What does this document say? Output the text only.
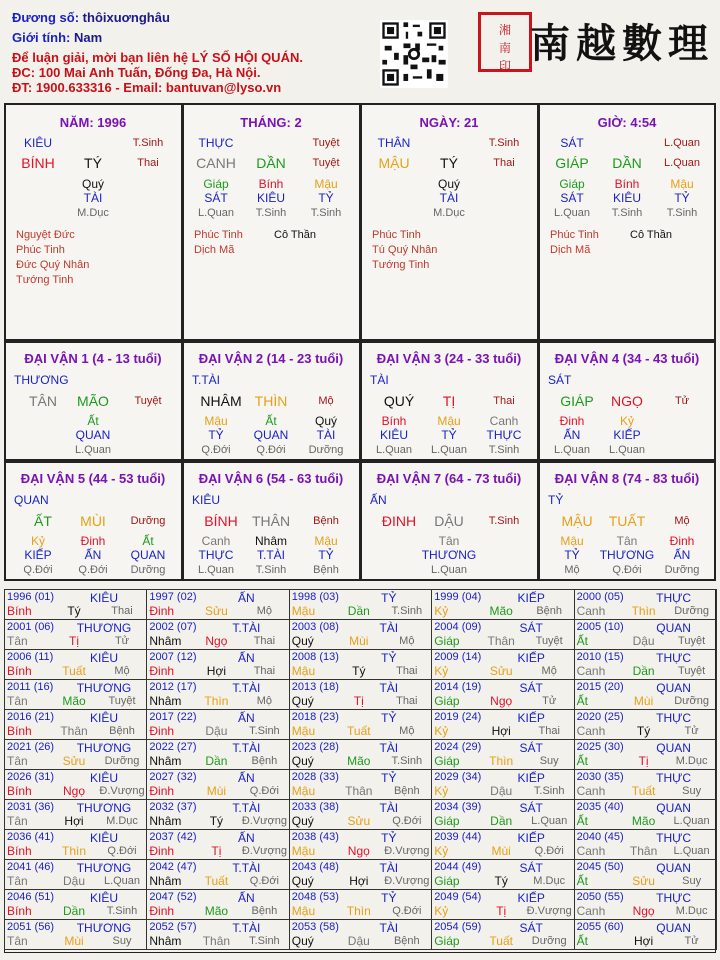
Đương số: thôixuơnghâu
Giới tính: Nam
Để luận giải, mời bạn liên hệ LÝ SỐ HỘI QUÁN.
ĐC: 100 Mai Anh Tuấn, Đống Đa, Hà Nội.
ĐT: 1900.633316 - Email: bantuvan@lyso.vn
湘
南
印 南越數理
NĂM: 1996
KIÊU	T.Sinh
BÍNH TÝ	Thai
Quý
TÀI
M.Dục
Nguyệt Đức
Phúc Tinh
Đức Quý Nhân
Tướng Tinh
THÁNG: 2
THỰC	Tuyệt
CANH DẦN Tuyệt
Giáp
SÁT
L.Quan
Bính
KIÊU
T.Sinh
Mậu
TỶ
T.Sinh
Phúc Tinh
Dịch Mã
Cô Thần
NGÀY: 21
THÂN	T.Sinh
MẬU TÝ	Thai
Quý
TÀI
M.Dục
Phúc Tinh
Tú Quý Nhân
Tướng Tinh
GIỜ: 4:54
SÁT	L.Quan
GIÁP DẦN L.Quan
Giáp
SÁT
L.Quan
Bính
KIÊU
T.Sinh
Mậu
TỶ
T.Sinh
Phúc Tinh
Dịch Mã
Cô Thần
ĐẠI VẬN 1 (4 - 13 tuổi)
THƯƠNG
TÂN MÃO Tuyệt
Ất
QUAN
L.Quan
ĐẠI VẬN 2 (14 - 23 tuổi)
T.TÀI
NHÂM THÌN	Mộ
Mậu
TỶ
Q.Đới
Ất
QUAN
Q.Đới
Quý
TÀI
Dưỡng
ĐẠI VẬN 3 (24 - 33 tuổi)
TÀI
QUÝ TỊ	Thai
Bính
KIÊU
L.Quan
Mậu
TỶ
L.Quan
Canh
THỰC
T.Sinh
ĐẠI VẬN 4 (34 - 43 tuổi)
SÁT
GIÁP NGỌ	Tử
Đinh
ẤN
L.Quan
Kỷ
KIẾP
L.Quan
ĐẠI VẬN 5 (44 - 53 tuổi)
QUAN
ẤT MÙI Dưỡng
Kỷ
KIẾP
Q.Đới
Đinh
ẤN
Q.Đới
Ất
QUAN
Dưỡng
ĐẠI VẬN 6 (54 - 63 tuổi)
KIÊU
BÍNH THÂN Bệnh
Canh
THỰC
L.Quan
Nhâm
T.TÀI
T.Sinh
Mậu
TỶ
Bệnh
ĐẠI VẬN 7 (64 - 73 tuổi)
ẤN
ĐINH DẬU T.Sinh
Tân
THƯƠNG
L.Quan
ĐẠI VẬN 8 (74 - 83 tuổi)
TỶ
MẬU TUẤT	Mộ
Mậu
TỶ
Mộ
Tân
THƯƠNG
Q.Đới
Đinh
ẤN
Dưỡng
1996 (01)	KIÊU
Bính	Tý	Thai
1997 (02)	ẤN
Đinh	Sửu	Mộ
1998 (03)	TỶ
Mậu	Dần T.Sinh
1999 (04)	KIẾP
Kỷ	Mão Bệnh
2000 (05)	THỰC
Canh Thìn Dưỡng
2001 (06) THƯƠNG
Tân	Tị	Tử
2002 (07)	T.TÀI
Nhâm Ngọ Thai
2003 (08)	TÀI
Quý	Mùi	Mộ
2004 (09)	SÁT
Giáp Thân Tuyệt
2005 (10)	QUAN
Ất	Dậu Tuyệt
2006 (11)	KIÊU
Bính	Tuất	Mộ
2007 (12)	ẤN
Đinh	Hợi	Thai
2008 (13)	TỶ
Mậu	Tý	Thai
2009 (14)	KIẾP
Kỷ	Sửu	Mộ
2010 (15)	THỰC
Canh Dần Tuyệt
2011 (16) THƯƠNG
Tân	Mão Tuyệt
2012 (17)	T.TÀI
Nhâm Thìn	Mộ
2013 (18)	TÀI
Quý	Tị	Thai
2014 (19)	SÁT
Giáp	Ngọ	Tử
2015 (20)	QUAN
Ất	Mùi Dưỡng
2016 (21)	KIÊU
Bính Thân Bệnh
2017 (22)	ẤN
Đinh	Dậu T.Sinh
2018 (23)	TỶ
Mậu	Tuất	Mộ
2019 (24)	KIẾP
Kỷ	Hợi	Thai
2020 (25)	THỰC
Canh	Tý	Tử
2021 (26) THƯƠNG
Tân	Sửu Dưỡng
2022 (27)	T.TÀI
Nhâm Dần Bệnh
2023 (28)	TÀI
Quý	Mão T.Sinh
2024 (29)	SÁT
Giáp Thìn Suy
2025 (30)	QUAN
Ất	Tị M.Dục
2026 (31)	KIÊU
Bính	Ngọ Đ.Vượng
2027 (32)	ẤN
Đinh	Mùi Q.Đới
2028 (33)	TỶ
Mậu Thân Bệnh
2029 (34)	KIẾP
Kỷ	Dậu T.Sinh
2030 (35)	THỰC
Canh Tuất Suy
2031 (36) THƯƠNG
Tân	Hợi M.Dục
2032 (37)	T.TÀI
Nhâm Tý Đ.Vượng
2033 (38)	TÀI
Quý	Sửu Q.Đới
2034 (39)	SÁT
Giáp	Dần L.Quan
2035 (40)	QUAN
Ất	Mão L.Quan
2036 (41)	KIÊU
Bính	Thìn Q.Đới
2037 (42)	ẤN
Đinh	Tị Đ.Vượng
2038 (43)	TỶ
Mậu	Ngọ Đ.Vượng
2039 (44)	KIẾP
Kỷ	Mùi Q.Đới
2040 (45)	THỰC
Canh Thân L.Quan
2041 (46) THƯƠNG
Tân	Dậu L.Quan
2042 (47)	T.TÀI
Nhâm Tuất Q.Đới
2043 (48)	TÀI
Quý	Hợi Đ.Vượng
2044 (49)	SÁT
Giáp	Tý M.Dục
2045 (50)	QUAN
Ất	Sửu Suy
2046 (51)	KIÊU
Bính	Dần T.Sinh
2047 (52)	ẤN
Đinh	Mão Bệnh
2048 (53)	TỶ
Mậu	Thìn Q.Đới
2049 (54)	KIẾP
Kỷ	Tị Đ.Vượng
2050 (55)	THỰC
Canh Ngọ M.Dục
2051 (56) THƯƠNG
Tân	Mùi	Suy
2052 (57)	T.TÀI
Nhâm Thân T.Sinh
2053 (58)	TÀI
Quý	Dậu Bệnh
2054 (59)	SÁT
Giáp Tuất Dưỡng
2055 (60)	QUAN
Ất	Hợi	Tử
